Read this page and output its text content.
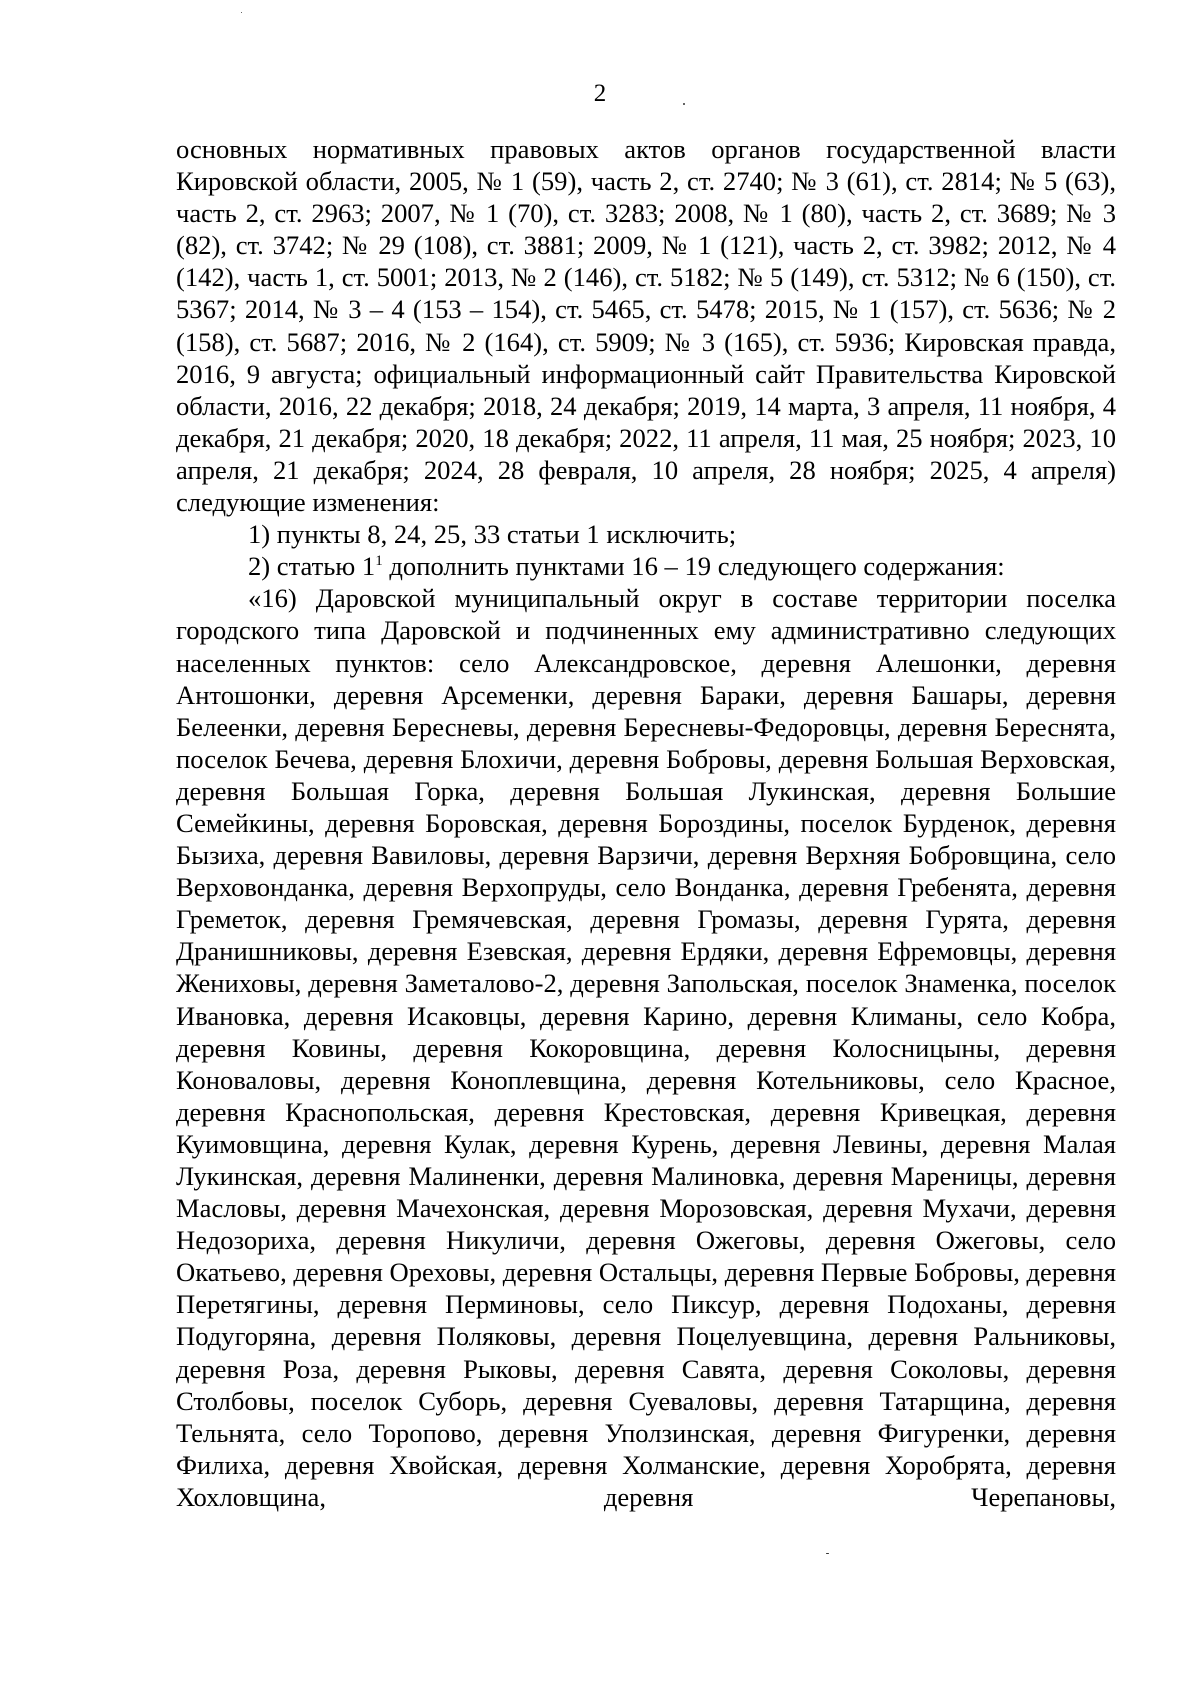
2

основных нормативных правовых актов органов государственной власти Кировской области, 2005, № 1 (59), часть 2, ст. 2740; № 3 (61), ст. 2814; № 5 (63), часть 2, ст. 2963; 2007, № 1 (70), ст. 3283; 2008, № 1 (80), часть 2, ст. 3689; № 3 (82), ст. 3742; № 29 (108), ст. 3881; 2009, № 1 (121), часть 2, ст. 3982; 2012, № 4 (142), часть 1, ст. 5001; 2013, № 2 (146), ст. 5182; № 5 (149), ст. 5312; № 6 (150), ст. 5367; 2014, № 3 – 4 (153 – 154), ст. 5465, ст. 5478; 2015, № 1 (157), ст. 5636; № 2 (158), ст. 5687; 2016, № 2 (164), ст. 5909; № 3 (165), ст. 5936; Кировская правда, 2016, 9 августа; официальный информационный сайт Правительства Кировской области, 2016, 22 декабря; 2018, 24 декабря; 2019, 14 марта, 3 апреля, 11 ноября, 4 декабря, 21 декабря; 2020, 18 декабря; 2022, 11 апреля, 11 мая, 25 ноября; 2023, 10 апреля, 21 декабря; 2024, 28 февраля, 10 апреля, 28 ноября; 2025, 4 апреля) следующие изменения:

1) пункты 8, 24, 25, 33 статьи 1 исключить;

2) статью $1^1$ дополнить пунктами 16 – 19 следующего содержания:

«16) Даровской муниципальный округ в составе территории поселка городского типа Даровской и подчиненных ему административно следующих населенных пунктов: село Александровское, деревня Алешонки, деревня Антошонки, деревня Арсеменки, деревня Бараки, деревня Башары, деревня Белеенки, деревня Бересневы, деревня Бересневы-Федоровцы, деревня Береснята, поселок Бечева, деревня Блохичи, деревня Бобровы, деревня Большая Верховская, деревня Большая Горка, деревня Большая Лукинская, деревня Большие Семейкины, деревня Боровская, деревня Бороздины, поселок Бурденок, деревня Бызиха, деревня Вавиловы, деревня Варзичи, деревня Верхняя Бобровщина, село Верховонданка, деревня Верхопруды, село Вонданка, деревня Гребенята, деревня Греметок, деревня Гремячевская, деревня Громазы, деревня Гурята, деревня Дранишниковы, деревня Езевская, деревня Ердяки, деревня Ефремовцы, деревня Жениховы, деревня Заметалово-2, деревня Запольская, поселок Знаменка, поселок Ивановка, деревня Исаковцы, деревня Карино, деревня Климаны, село Кобра, деревня Ковины, деревня Кокоровщина, деревня Колосницыны, деревня Коноваловы, деревня Коноплевщина, деревня Котельниковы, село Красное, деревня Краснопольская, деревня Крестовская, деревня Кривецкая, деревня Куимовщина, деревня Кулак, деревня Курень, деревня Левины, деревня Малая Лукинская, деревня Малиненки, деревня Малиновка, деревня Мареницы, деревня Масловы, деревня Мачехонская, деревня Морозовская, деревня Мухачи, деревня Недозориха, деревня Никуличи, деревня Ожеговы, деревня Ожеговы, село Окатьево, деревня Ореховы, деревня Остальцы, деревня Первые Бобровы, деревня Перетягины, деревня Перминовы, село Пиксур, деревня Подоханы, деревня Подугоряна, деревня Поляковы, деревня Поцелуевщина, деревня Ральниковы, деревня Роза, деревня Рыковы, деревня Савята, деревня Соколовы, деревня Столбовы, поселок Суборь, деревня Суеваловы, деревня Татарщина, деревня Тельнята, село Торопово, деревня Уползинская, деревня Фигуренки, деревня Филиха, деревня Хвойская, деревня Холманские, деревня Хоробрята, деревня Хохловщина, деревня Черепановы,
